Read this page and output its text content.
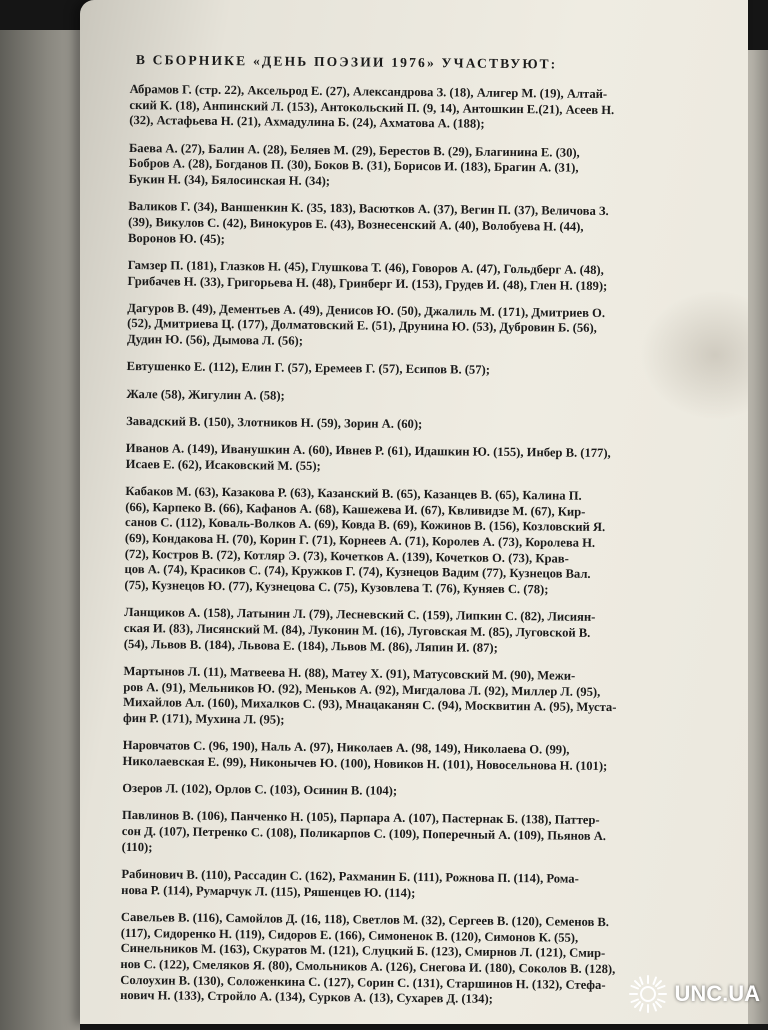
В СБОРНИКЕ «ДЕНЬ ПОЭЗИИ 1976» УЧАСТВУЮТ:

Абрамов Г. (стр. 22), Аксельрод Е. (27), Александрова З. (18), Алигер М. (19), Алтай-

ский К. (18), Анпинский Л. (153), Антокольский П. (9, 14), Антошкин Е.(21), Асеев Н.

(32), Астафьева Н. (21), Ахмадулина Б. (24), Ахматова А. (188);

Баева А. (27), Балин А. (28), Беляев М. (29), Берестов В. (29), Благинина Е. (30),

Бобров А. (28), Богданов П. (30), Боков В. (31), Борисов И. (183), Брагин А. (31),

Букин Н. (34), Бялосинская Н. (34);

Валиков Г. (34), Ваншенкин К. (35, 183), Васютков А. (37), Вегин П. (37), Величова З.

(39), Викулов С. (42), Винокуров Е. (43), Вознесенский А. (40), Волобуева Н. (44),

Воронов Ю. (45);

Гамзер П. (181), Глазков Н. (45), Глушкова Т. (46), Говоров А. (47), Гольдберг А. (48),

Грибачев Н. (33), Григорьева Н. (48), Гринберг И. (153), Грудев И. (48), Глен Н. (189);

Дагуров В. (49), Дементьев А. (49), Денисов Ю. (50), Джалиль М. (171), Дмитриев О.

(52), Дмитриева Ц. (177), Долматовский Е. (51), Друнина Ю. (53), Дубровин Б. (56),

Дудин Ю. (56), Дымова Л. (56);

Евтушенко Е. (112), Елин Г. (57), Еремеев Г. (57), Есипов В. (57);

Жале (58), Жигулин А. (58);

Завадский В. (150), Злотников Н. (59), Зорин А. (60);

Иванов А. (149), Иванушкин А. (60), Ивнев Р. (61), Идашкин Ю. (155), Инбер В. (177),

Исаев Е. (62), Исаковский М. (55);

Кабаков М. (63), Казакова Р. (63), Казанский В. (65), Казанцев В. (65), Калина П.

(66), Карпеко В. (66), Кафанов А. (68), Кашежева И. (67), Квливидзе М. (67), Кир-

санов С. (112), Коваль-Волков А. (69), Ковда В. (69), Кожинов В. (156), Козловский Я.

(69), Кондакова Н. (70), Корин Г. (71), Корнеев А. (71), Королев А. (73), Королева Н.

(72), Костров В. (72), Котляр Э. (73), Кочетков А. (139), Кочетков О. (73), Крав-

цов А. (74), Красиков С. (74), Кружков Г. (74), Кузнецов Вадим (77), Кузнецов Вал.

(75), Кузнецов Ю. (77), Кузнецова С. (75), Кузовлева Т. (76), Куняев С. (78);

Ланщиков А. (158), Латынин Л. (79), Лесневский С. (159), Липкин С. (82), Лисиян-

ская И. (83), Лисянский М. (84), Луконин М. (16), Луговская М. (85), Луговской В.

(54), Львов В. (184), Львова Е. (184), Львов М. (86), Ляпин И. (87);

Мартынов Л. (11), Матвеева Н. (88), Матеу Х. (91), Матусовский М. (90), Межи-

ров А. (91), Мельников Ю. (92), Меньков А. (92), Мигдалова Л. (92), Миллер Л. (95),

Михайлов Ал. (160), Михалков С. (93), Мнацаканян С. (94), Москвитин А. (95), Муста-

фин Р. (171), Мухина Л. (95);

Наровчатов С. (96, 190), Наль А. (97), Николаев А. (98, 149), Николаева О. (99),

Николаевская Е. (99), Никонычев Ю. (100), Новиков Н. (101), Новосельнова Н. (101);

Озеров Л. (102), Орлов С. (103), Осинин В. (104);

Павлинов В. (106), Панченко Н. (105), Парпара А. (107), Пастернак Б. (138), Паттер-

сон Д. (107), Петренко С. (108), Поликарпов С. (109), Поперечный А. (109), Пьянов А.

(110);

Рабинович В. (110), Рассадин С. (162), Рахманин Б. (111), Рожнова П. (114), Рома-

нова Р. (114), Румарчук Л. (115), Ряшенцев Ю. (114);

Савельев В. (116), Самойлов Д. (16, 118), Светлов М. (32), Сергеев В. (120), Семенов В.

(117), Сидоренко Н. (119), Сидоров Е. (166), Симоненок В. (120), Симонов К. (55),

Синельников М. (163), Скуратов М. (121), Слуцкий Б. (123), Смирнов Л. (121), Смир-

нов С. (122), Смеляков Я. (80), Смольников А. (126), Снегова И. (180), Соколов В. (128),

Солоухин В. (130), Соложенкина С. (127), Сорин С. (131), Старшинов Н. (132), Стефа-

нович Н. (133), Стройло А. (134), Сурков А. (13), Сухарев Д. (134);	UNC.UA
